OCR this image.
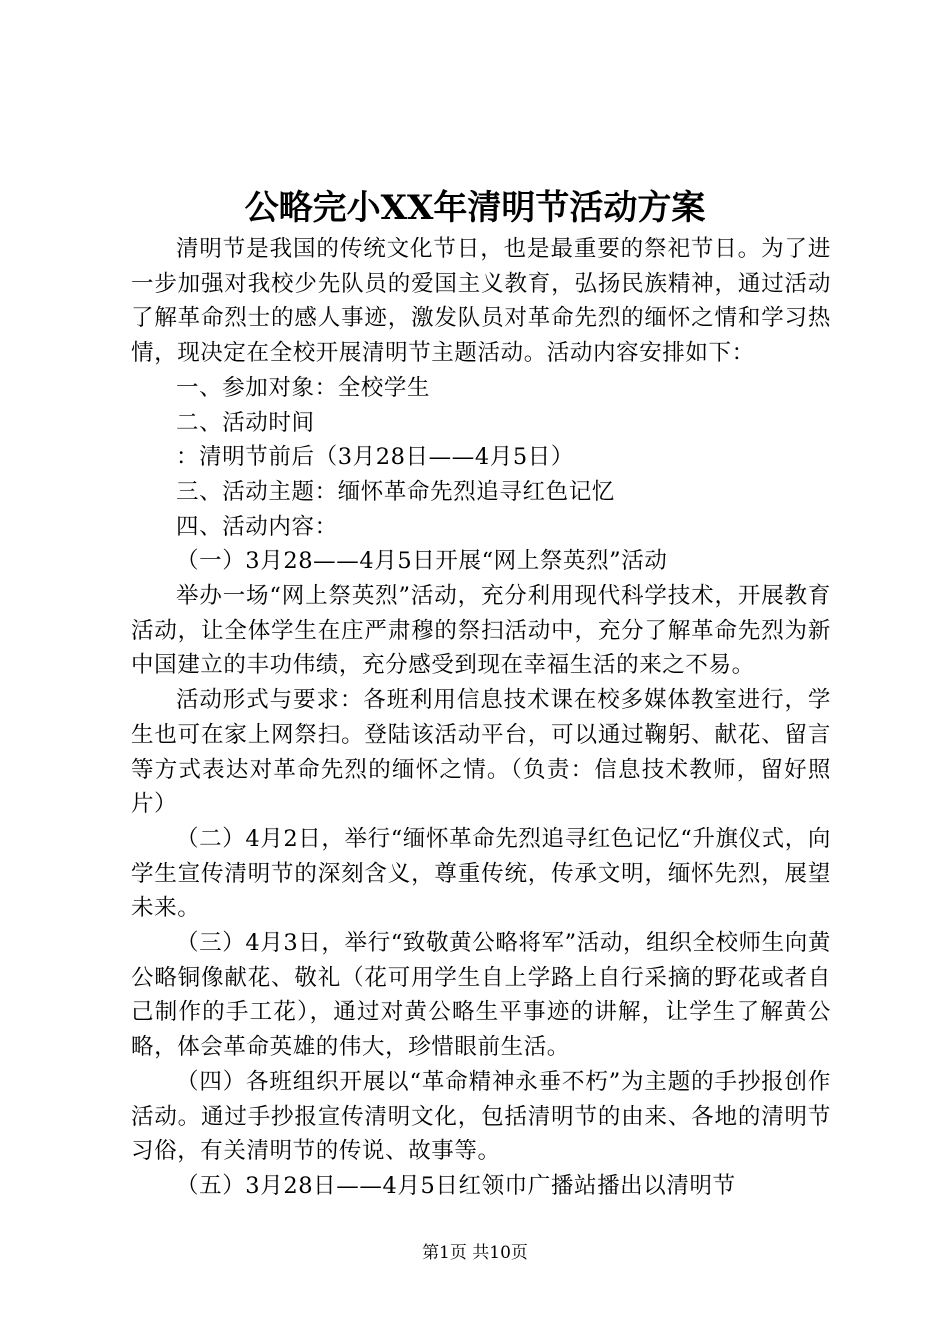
公略完小XX年清明节活动方案

清明节是我国的传统文化节日，也是最重要的祭祀节日。为了进一步加强对我校少先队员的爱国主义教育，弘扬民族精神，通过活动了解革命烈士的感人事迹，激发队员对革命先烈的缅怀之情和学习热情，现决定在全校开展清明节主题活动。活动内容安排如下：

一、参加对象：全校学生

二、活动时间

：清明节前后（3月28日——4月5日）

三、活动主题：缅怀革命先烈追寻红色记忆

四、活动内容：

（一）3月28——4月5日开展“网上祭英烈”活动

举办一场“网上祭英烈”活动，充分利用现代科学技术，开展教育活动，让全体学生在庄严肃穆的祭扫活动中，充分了解革命先烈为新中国建立的丰功伟绩，充分感受到现在幸福生活的来之不易。

活动形式与要求：各班利用信息技术课在校多媒体教室进行，学生也可在家上网祭扫。登陆该活动平台，可以通过鞠躬、献花、留言等方式表达对革命先烈的缅怀之情。（负责：信息技术教师，留好照片）

（二）4月2日，举行“缅怀革命先烈追寻红色记忆“升旗仪式，向学生宣传清明节的深刻含义，尊重传统，传承文明，缅怀先烈，展望未来。

（三）4月3日，举行“致敬黄公略将军”活动，组织全校师生向黄公略铜像献花、敬礼（花可用学生自上学路上自行采摘的野花或者自己制作的手工花），通过对黄公略生平事迹的讲解，让学生了解黄公略，体会革命英雄的伟大，珍惜眼前生活。

（四）各班组织开展以“革命精神永垂不朽”为主题的手抄报创作活动。通过手抄报宣传清明文化，包括清明节的由来、各地的清明节习俗，有关清明节的传说、故事等。

（五）3月28日——4月5日红领巾广播站播出以清明节

第1页 共10页
